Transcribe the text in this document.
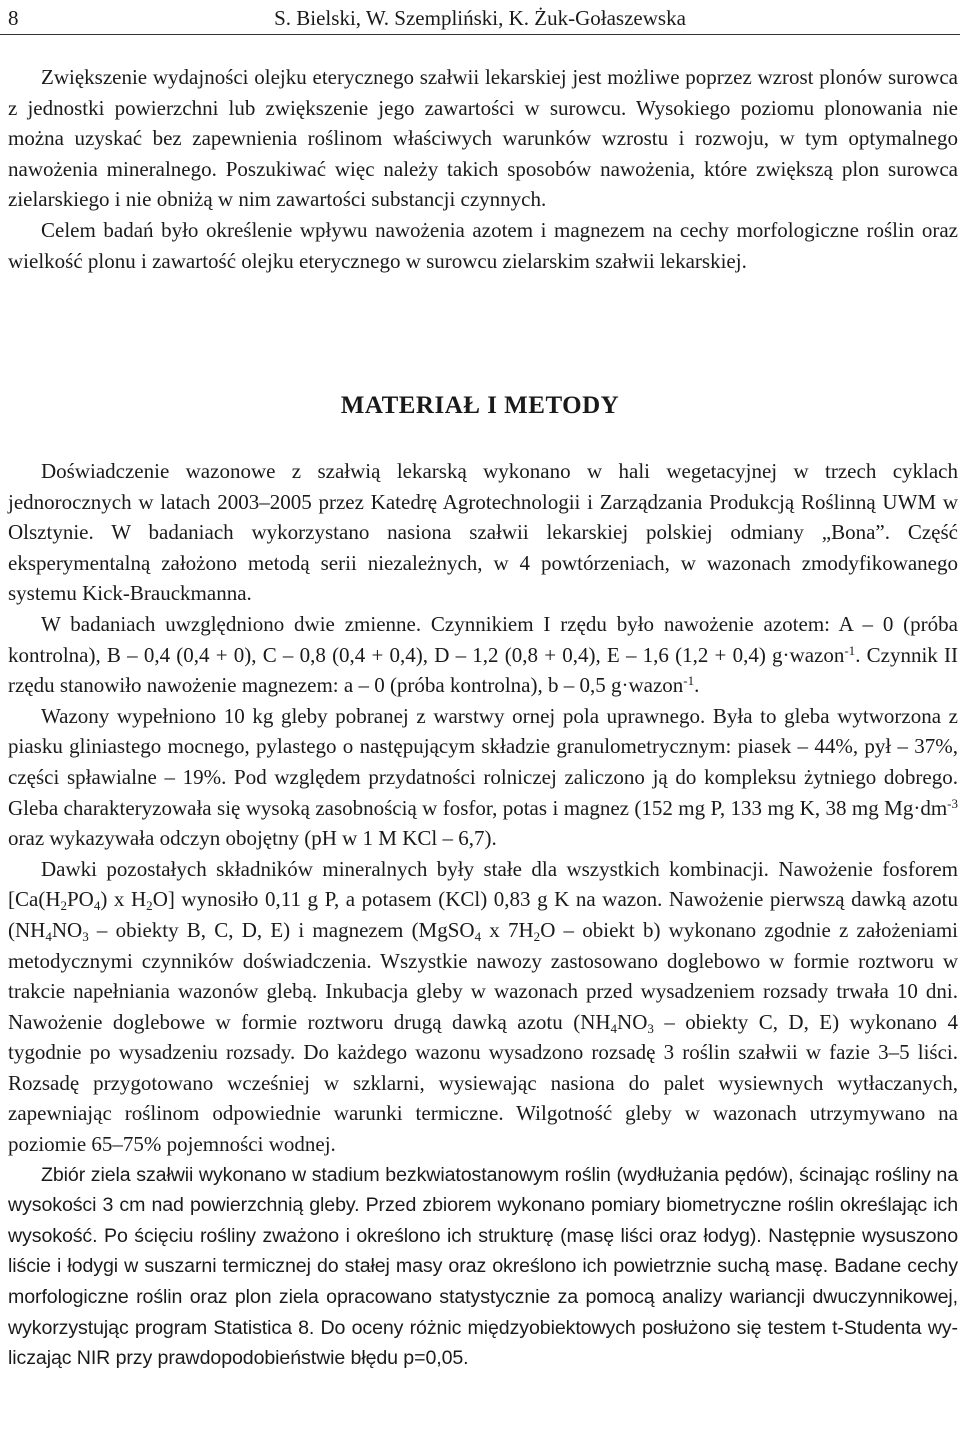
8	S. Bielski, W. Szempliński, K. Żuk-Gołaszewska

Zwiększenie wydajności olejku eterycznego szałwii lekarskiej jest możliwe poprzez wzrost plonów surowca z jednostki powierzchni lub zwiększenie jego zawartości w surowcu. Wysokiego poziomu plonowania nie można uzyskać bez zapewnienia roślinom właściwych warunków wzrostu i rozwoju, w tym optymalnego nawożenia mineralnego. Poszukiwać więc należy takich sposobów nawożenia, które zwiększą plon surowca zielarskiego i nie obniżą w nim zawartości substancji czynnych.

Celem badań było określenie wpływu nawożenia azotem i magnezem na cechy morfologiczne roślin oraz wielkość plonu i zawartość olejku eterycznego w surowcu zielarskim szałwii lekarskiej.

MATERIAŁ I METODY

Doświadczenie wazonowe z szałwią lekarską wykonano w hali wegetacyjnej w trzech cyklach jednorocznych w latach 2003–2005 przez Katedrę Agrotechnologii i Zarządzania Produkcją Roślinną UWM w Olsztynie. W badaniach wykorzystano nasiona szałwii lekarskiej polskiej odmiany „Bona”. Część eksperymentalną założono metodą serii niezależnych, w 4 powtórzeniach, w wazonach zmodyfikowanego systemu Kick-Brauckmanna.

W badaniach uwzględniono dwie zmienne. Czynnikiem I rzędu było nawożenie azotem: A – 0 (próba kontrolna), B – 0,4 (0,4 + 0), C – 0,8 (0,4 + 0,4), D – 1,2 (0,8 + 0,4), E – 1,6 (1,2 + 0,4) g·wazon$^{-1}$. Czynnik II rzędu stanowiło nawożenie magnezem: a – 0 (próba kontrolna), b – 0,5 g·wazon$^{-1}$.

Wazony wypełniono 10 kg gleby pobranej z warstwy ornej pola uprawnego. Była to gleba wytworzona z piasku gliniastego mocnego, pylastego o następującym składzie granulometrycznym: piasek – 44%, pył – 37%, części spławialne – 19%. Pod względem przydatności rolniczej zaliczono ją do kompleksu żytniego dobrego. Gleba charakteryzowała się wysoką zasobnością w fosfor, potas i magnez (152 mg P, 133 mg K, 38 mg $Mg\cdot dm^{-3}$ oraz wykazywała odczyn obojętny (pH w 1 M KCl – 6,7).

Dawki pozostałych składników mineralnych były stałe dla wszystkich kombinacji. Nawożenie fosforem [$Ca(H_2PO_4)$ x $H_2O$] wynosiło 0,11 g P, a potasem (KCl) 0,83 g K na wazon. Nawożenie pierwszą dawką azotu ($NH_4NO_3$ – obiekty B, C, D, E) i magnezem (MgSO$_4$ x $7H_2O$ – obiekt b) wykonano zgodnie z założeniami metodycznymi czynników doświadczenia. Wszystkie nawozy zastosowano doglebowo w formie roztworu w trakcie napełniania wazonów glebą. Inkubacja gleby w wazonach przed wysadzeniem rozsady trwała 10 dni. Nawożenie doglebowe w formie roztworu drugą dawką azotu ($NH_4NO_3$ – obiekty C, D, E) wykonano 4 tygodnie po wysadzeniu rozsady. Do każdego wazonu wysadzono rozsadę 3 roślin szałwii w fazie 3–5 liści. Rozsadę przygotowano wcześniej w szklarni, wysiewając nasiona do palet wysiewnych wytłaczanych, zapewniając roślinom odpowiednie warunki termiczne. Wilgotność gleby w wazonach utrzymywano na poziomie 65–75% pojemności wodnej.

Zbiór ziela szałwii wykonano w stadium bezkwiatostanowym roślin (wydłużania pędów), ścinając rośliny na wysokości 3 cm nad powierzchnią gleby. Przed zbiorem wykonano pomiary biometryczne roślin określając ich wysokość. Po ścięciu rośliny zważono i określono ich strukturę (masę liści oraz łodyg). Następnie wysuszono liście i łodygi w suszarni termicznej do stałej masy oraz określono ich powietrznie suchą masę. Badane cechy morfologiczne roślin oraz plon ziela opracowano statystycznie za pomocą analizy wariancji dwuczynnikowej, wykorzystując program Statistica 8. Do oceny różnic międzyobiektowych posłużono się testem t-Studenta wyliczając NIR przy prawdopodobieństwie błędu p=0,05.
